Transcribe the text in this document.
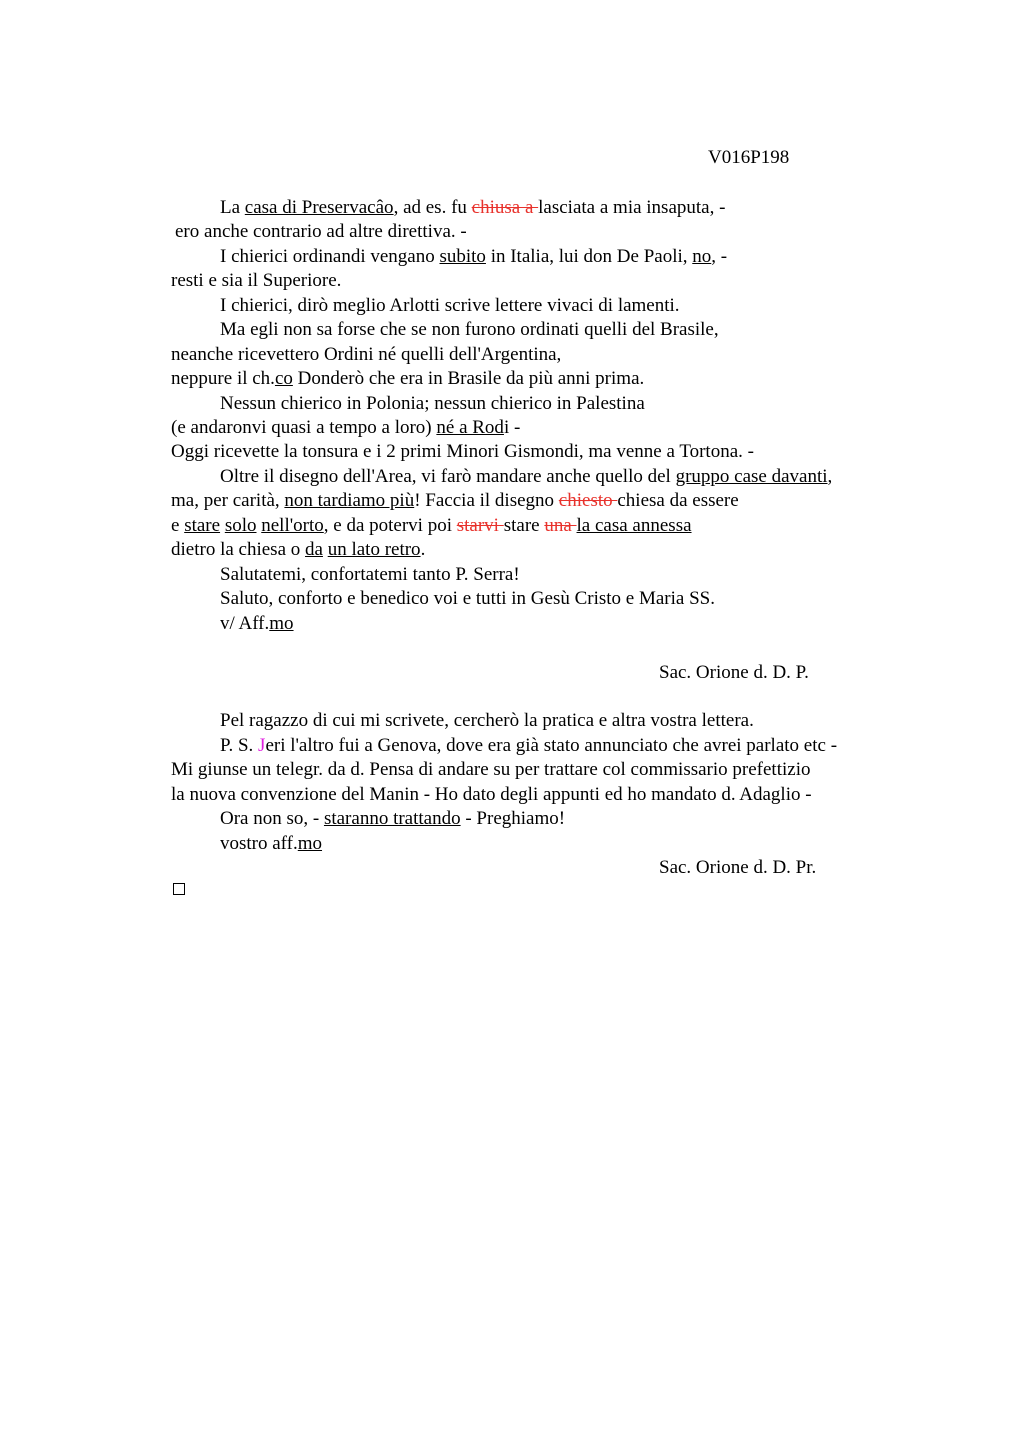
V016P198
La casa di Preservacâo, ad es. fu chiusa a lasciata a mia insaputa, -
ero anche contrario ad altre direttiva. -
I chierici ordinandi vengano subito in Italia, lui don De Paoli, no, -
resti e sia il Superiore.
I chierici, dirò meglio Arlotti scrive lettere vivaci di lamenti.
Ma egli non sa forse che se non furono ordinati quelli del Brasile,
neanche ricevettero Ordini né quelli dell'Argentina,
neppure il ch.co Donderò che era in Brasile da più anni prima.
Nessun chierico in Polonia; nessun chierico in Palestina
(e andaronvi quasi a tempo a loro) né a Rodi -
Oggi ricevette la tonsura e i 2 primi Minori Gismondi, ma venne a Tortona. -
Oltre il disegno dell'Area, vi farò mandare anche quello del gruppo case davanti,
ma, per carità, non tardiamo più! Faccia il disegno chiesto chiesa da essere
e stare solo nell'orto, e da potervi poi starvi stare una la casa annessa
dietro la chiesa o da un lato retro.
Salutatemi, confortatemi tanto P. Serra!
Saluto, conforto e benedico voi e tutti in Gesù Cristo e Maria SS.
v/ Aff.mo
Sac. Orione d. D. P.
Pel ragazzo di cui mi scrivete, cercherò la pratica e altra vostra lettera.
P. S. Jeri l'altro fui a Genova, dove era già stato annunciato che avrei parlato etc -
Mi giunse un telegr. da d. Pensa di andare su per trattare col commissario prefettizio
la nuova convenzione del Manin - Ho dato degli appunti ed ho mandato d. Adaglio -
Ora non so, - staranno trattando - Preghiamo!
vostro aff.mo
Sac. Orione d. D. Pr.
